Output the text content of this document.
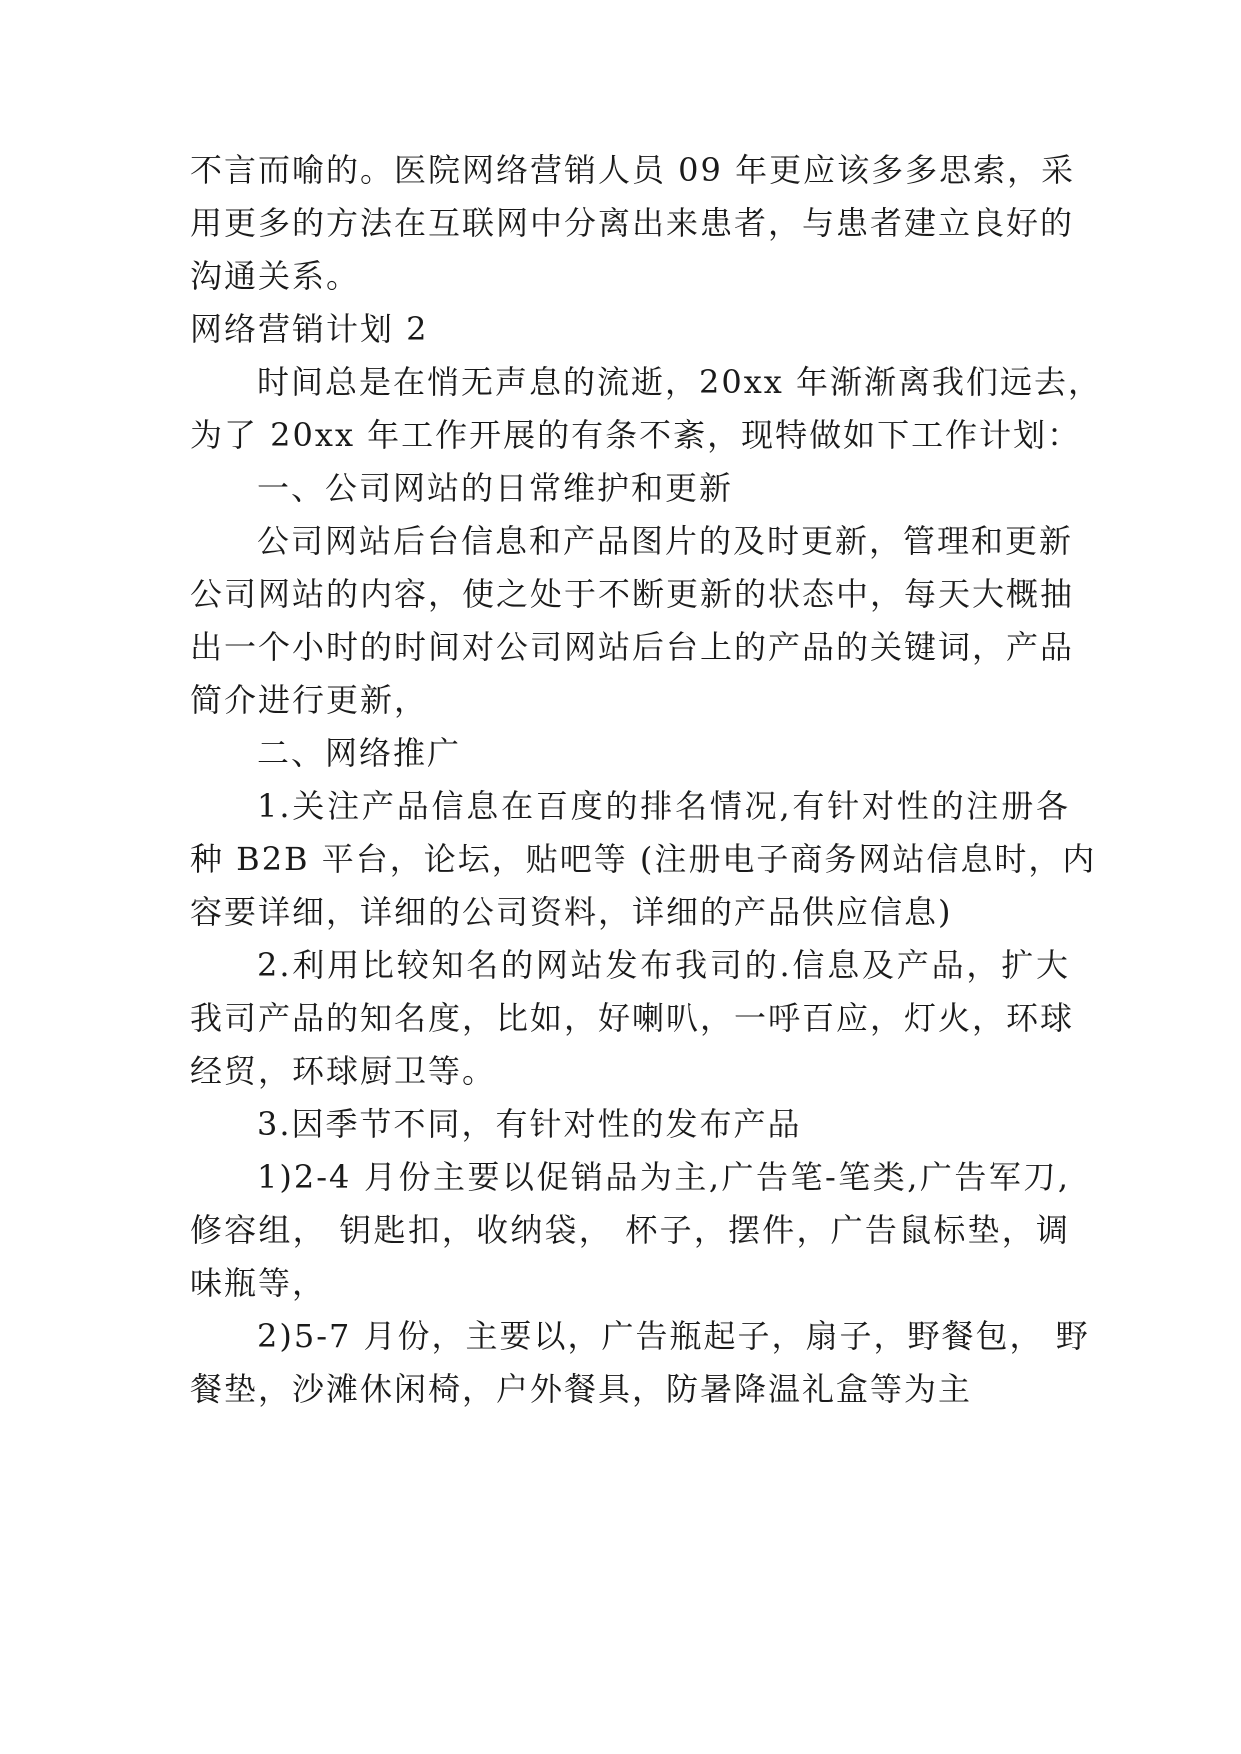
不言而喻的。医院网络营销人员 09 年更应该多多思索，采
用更多的方法在互联网中分离出来患者，与患者建立良好的
沟通关系。
网络营销计划 2
时间总是在悄无声息的流逝，20xx 年渐渐离我们远去，
为了 20xx 年工作开展的有条不紊，现特做如下工作计划：
一、公司网站的日常维护和更新
公司网站后台信息和产品图片的及时更新，管理和更新
公司网站的内容，使之处于不断更新的状态中，每天大概抽
出一个小时的时间对公司网站后台上的产品的关键词，产品
简介进行更新，
二、网络推广
1.关注产品信息在百度的排名情况,有针对性的注册各
种 B2B 平台，论坛，贴吧等 (注册电子商务网站信息时，内
容要详细，详细的公司资料，详细的产品供应信息)
2.利用比较知名的网站发布我司的.信息及产品，扩大
我司产品的知名度，比如，好喇叭，一呼百应，灯火，环球
经贸，环球厨卫等。
3.因季节不同，有针对性的发布产品
1)2-4 月份主要以促销品为主,广告笔-笔类,广告军刀,
修容组， 钥匙扣，收纳袋， 杯子，摆件，广告鼠标垫，调
味瓶等，
2)5-7 月份，主要以，广告瓶起子，扇子，野餐包， 野
餐垫，沙滩休闲椅，户外餐具，防暑降温礼盒等为主
